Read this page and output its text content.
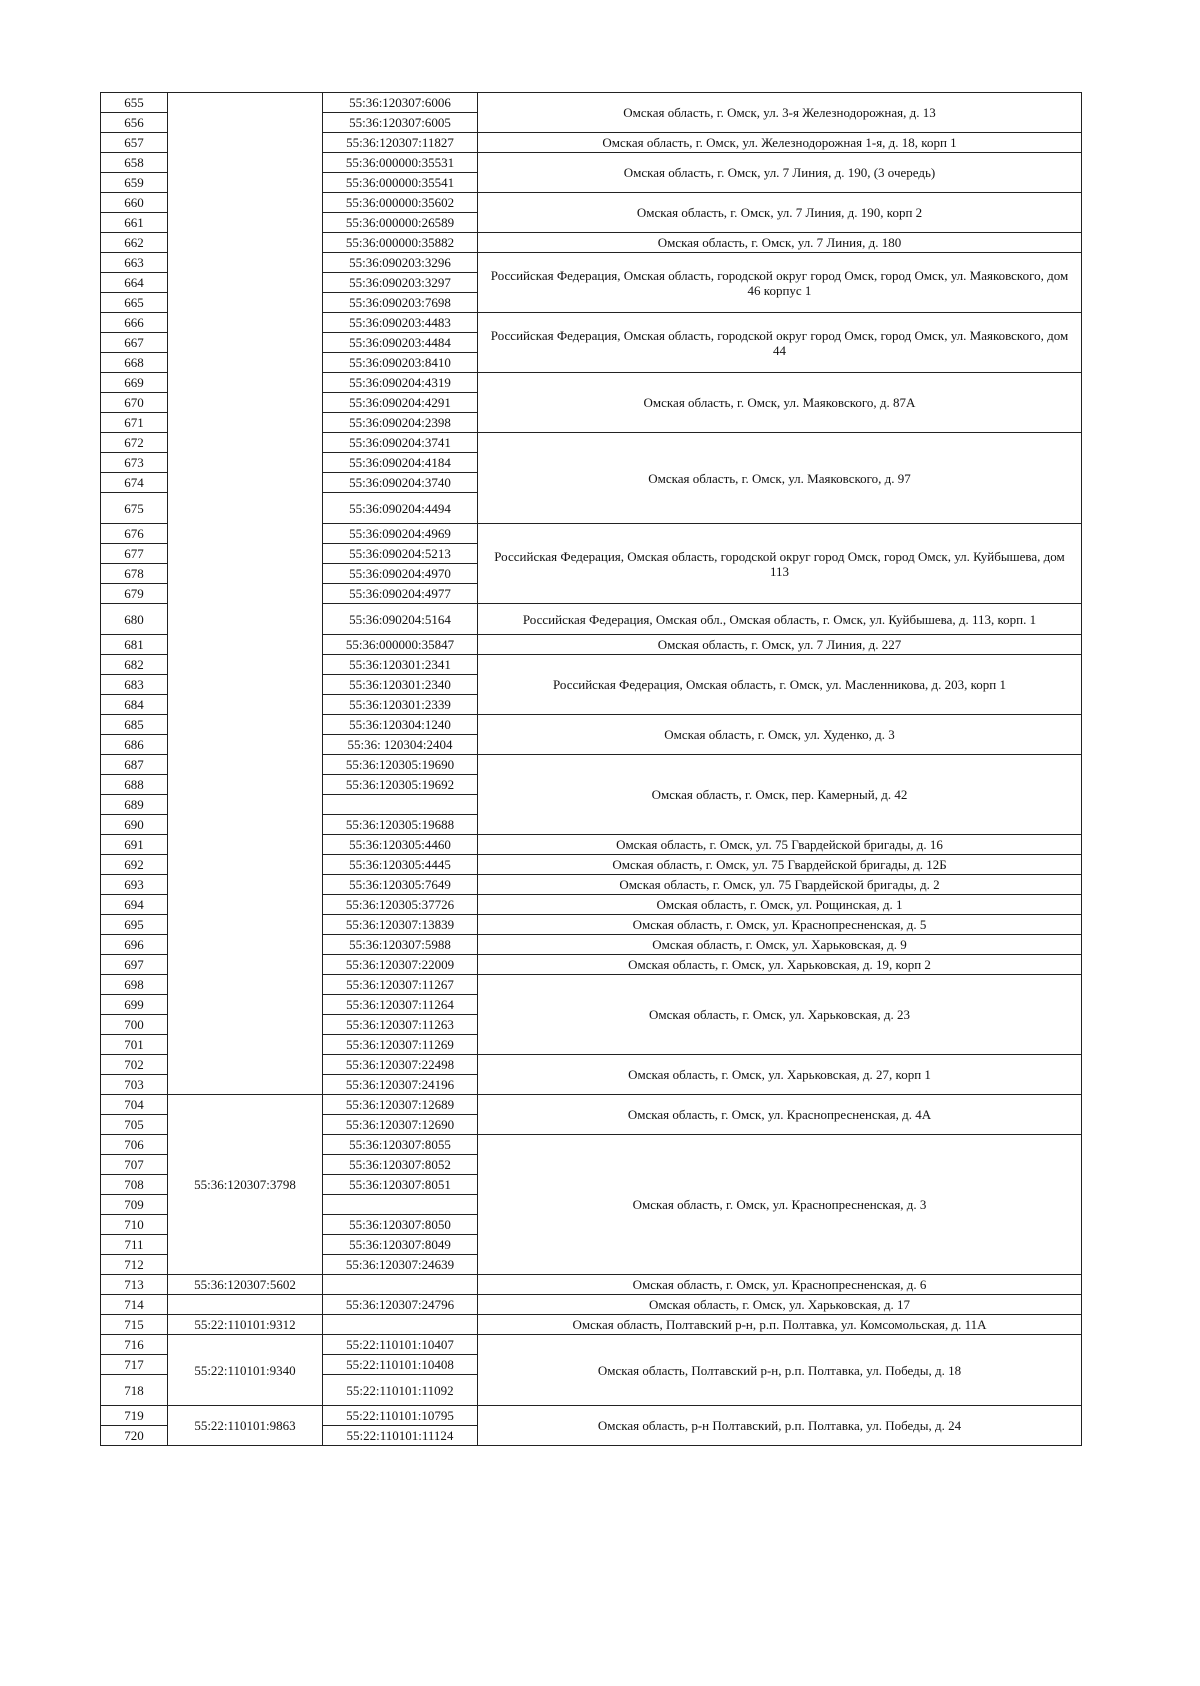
655		55:36:120307:6006	Омская область, г. Омск, ул. 3-я Железнодорожная, д. 13
656		55:36:120307:6005	
657		55:36:120307:11827	Омская область, г. Омск, ул. Железнодорожная 1-я, д. 18, корп 1
658		55:36:000000:35531	Омская область, г. Омск, ул. 7 Линия, д. 190, (3 очередь)
659		55:36:000000:35541	
660		55:36:000000:35602	Омская область, г. Омск, ул. 7 Линия, д. 190, корп 2
661		55:36:000000:26589	
662		55:36:000000:35882	Омская область, г. Омск, ул. 7 Линия, д. 180
663		55:36:090203:3296	Российская Федерация, Омская область, городской округ город Омск, город Омск, ул. Маяковского, дом 46 корпус 1
664		55:36:090203:3297	
665		55:36:090203:7698	
666		55:36:090203:4483	Российская Федерация, Омская область, городской округ город Омск, город Омск, ул. Маяковского, дом 44
667		55:36:090203:4484	
668		55:36:090203:8410	
669		55:36:090204:4319	Омская область, г. Омск, ул. Маяковского, д. 87А
670		55:36:090204:4291	
671		55:36:090204:2398	
672		55:36:090204:3741	Омская область, г. Омск, ул. Маяковского, д. 97
673		55:36:090204:4184	
674		55:36:090204:3740	
675		55:36:090204:4494	
676		55:36:090204:4969	Российская Федерация, Омская область, городской округ город Омск, город Омск, ул. Куйбышева, дом 113
677		55:36:090204:5213	
678		55:36:090204:4970	
679		55:36:090204:4977	
680		55:36:090204:5164	Российская Федерация, Омская обл., Омская область, г. Омск, ул. Куйбышева, д. 113, корп. 1
681		55:36:000000:35847	Омская область, г. Омск, ул. 7 Линия, д. 227
682		55:36:120301:2341	Российская Федерация, Омская область, г. Омск, ул. Масленникова, д. 203, корп 1
683		55:36:120301:2340	
684		55:36:120301:2339	
685		55:36:120304:1240	Омская область, г. Омск, ул. Худенко, д. 3
686		55:36: 120304:2404	
687		55:36:120305:19690	Омская область, г. Омск, пер. Камерный, д. 42
688		55:36:120305:19692	
689			
690		55:36:120305:19688	
691		55:36:120305:4460	Омская область, г. Омск, ул. 75 Гвардейской бригады, д. 16
692		55:36:120305:4445	Омская область, г. Омск, ул. 75 Гвардейской бригады, д. 12Б
693		55:36:120305:7649	Омская область, г. Омск, ул. 75 Гвардейской бригады, д. 2
694		55:36:120305:37726	Омская область, г. Омск, ул. Рощинская, д. 1
695		55:36:120307:13839	Омская область, г. Омск, ул. Краснопресненская, д. 5
696		55:36:120307:5988	Омская область, г. Омск, ул. Харьковская, д. 9
697		55:36:120307:22009	Омская область, г. Омск, ул. Харьковская, д. 19, корп 2
698		55:36:120307:11267	Омская область, г. Омск, ул. Харьковская, д. 23
699		55:36:120307:11264	
700		55:36:120307:11263	
701		55:36:120307:11269	
702		55:36:120307:22498	Омская область, г. Омск, ул. Харьковская, д. 27, корп 1
703		55:36:120307:24196	
704	55:36:120307:3798	55:36:120307:12689	Омская область, г. Омск, ул. Краснопресненская, д. 4А
705		55:36:120307:12690	
706		55:36:120307:8055	Омская область, г. Омск, ул. Краснопресненская, д. 3
707		55:36:120307:8052	
708		55:36:120307:8051	
709			
710		55:36:120307:8050	
711		55:36:120307:8049	
712		55:36:120307:24639	
713	55:36:120307:5602		Омская область, г. Омск, ул. Краснопресненская, д. 6
714		55:36:120307:24796	Омская область, г. Омск, ул. Харьковская, д. 17
715	55:22:110101:9312		Омская область, Полтавский р-н, р.п. Полтавка, ул. Комсомольская, д. 11А
716	55:22:110101:9340	55:22:110101:10407	Омская область, Полтавский р-н, р.п. Полтавка, ул. Победы, д. 18
717		55:22:110101:10408	
718		55:22:110101:11092	
719	55:22:110101:9863	55:22:110101:10795	Омская область, р-н Полтавский, р.п. Полтавка, ул. Победы, д. 24
720		55:22:110101:11124	
